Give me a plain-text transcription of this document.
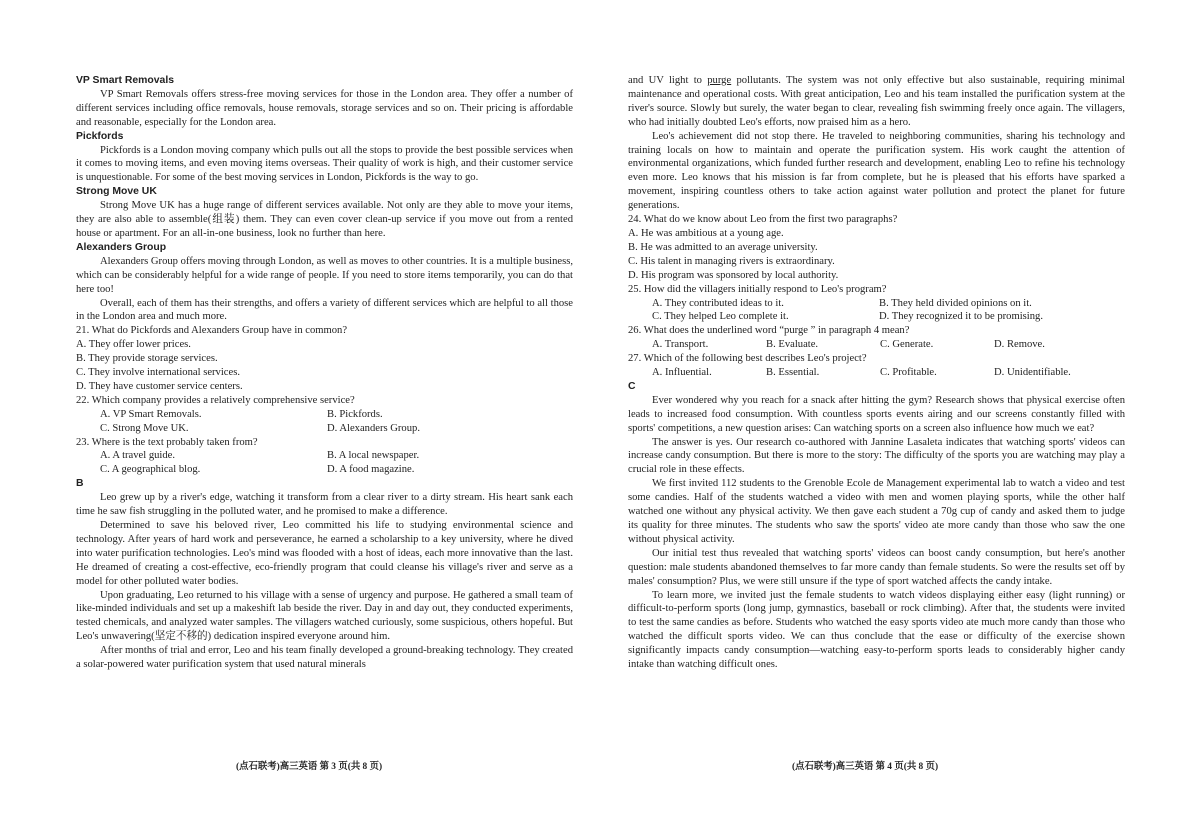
VP Smart Removals

VP Smart Removals offers stress-free moving services for those in the London area. They offer a number of different services including office removals, house removals, storage services and so on. Their pricing is affordable and reasonable, especially for the London area.

Pickfords

Pickfords is a London moving company which pulls out all the stops to provide the best possible services when it comes to moving items, and even moving items overseas. Their quality of work is high, and their customer service is unquestionable. For some of the best moving services in London, Pickfords is the way to go.

Strong Move UK

Strong Move UK has a huge range of different services available. Not only are they able to move your items, they are also able to assemble(组装) them. They can even cover clean-up service if you move out from a rented house or apartment. For an all-in-one business, look no further than here.

Alexanders Group

Alexanders Group offers moving through London, as well as moves to other countries. It is a multiple business, which can be considerably helpful for a wide range of people. If you need to store items temporarily, you can do that here too!

Overall, each of them has their strengths, and offers a variety of different services which are helpful to all those in the London area and much more.

21. What do Pickfords and Alexanders Group have in common?

A. They offer lower prices.

B. They provide storage services.

C. They involve international services.

D. They have customer service centers.

22. Which company provides a relatively comprehensive service?

A. VP Smart Removals.	B. Pickfords.
C. Strong Move UK.	D. Alexanders Group.

23. Where is the text probably taken from?

A. A travel guide.	B. A local newspaper.
C. A geographical blog.	D. A food magazine.

B

Leo grew up by a river's edge, watching it transform from a clear river to a dirty stream. His heart sank each time he saw fish struggling in the polluted water, and he promised to make a difference.

Determined to save his beloved river, Leo committed his life to studying environmental science and technology. After years of hard work and perseverance, he earned a scholarship to a key university, where he dived into water purification technologies. Leo's mind was flooded with a host of ideas, each more innovative than the last. He dreamed of creating a cost-effective, eco-friendly program that could cleanse his village's river and serve as a model for other polluted water bodies.

Upon graduating, Leo returned to his village with a sense of urgency and purpose. He gathered a small team of like-minded individuals and set up a makeshift lab beside the river. Day in and day out, they conducted experiments, tested chemicals, and analyzed water samples. The villagers watched curiously, some suspicious, others hopeful. But Leo's unwavering(坚定不移的) dedication inspired everyone around him.

After months of trial and error, Leo and his team finally developed a ground-breaking technology. They created a solar-powered water purification system that used natural minerals

and UV light to purge pollutants. The system was not only effective but also sustainable, requiring minimal maintenance and operational costs. With great anticipation, Leo and his team installed the purification system at the river's source. Slowly but surely, the water began to clear, revealing fish swimming freely once again. The villagers, who had initially doubted Leo's efforts, now praised him as a hero.

Leo's achievement did not stop there. He traveled to neighboring communities, sharing his technology and training locals on how to maintain and operate the purification system. His work caught the attention of environmental organizations, which funded further research and development, enabling Leo to refine his technology even more. Leo knows that his mission is far from complete, but he is pleased that his efforts have sparked a movement, inspiring countless others to take action against water pollution and protect the planet for future generations.

24. What do we know about Leo from the first two paragraphs?

A. He was ambitious at a young age.

B. He was admitted to an average university.

C. His talent in managing rivers is extraordinary.

D. His program was sponsored by local authority.

25. How did the villagers initially respond to Leo's program?

A. They contributed ideas to it.	B. They held divided opinions on it.
C. They helped Leo complete it.	D. They recognized it to be promising.

26. What does the underlined word “purge ” in paragraph 4 mean?

A. Transport.	B. Evaluate.	C. Generate.	D. Remove.

27. Which of the following best describes Leo's project?

A. Influential.	B. Essential.	C. Profitable.	D. Unidentifiable.

C

Ever wondered why you reach for a snack after hitting the gym? Research shows that physical exercise often leads to increased food consumption. With countless sports events airing and our screens constantly filled with sports' competitions, a new question arises: Can watching sports on a screen also influence how much we eat?

The answer is yes. Our research co-authored with Jannine Lasaleta indicates that watching sports' videos can increase candy consumption. But there is more to the story: The difficulty of the sports you are watching may play a crucial role in these effects.

We first invited 112 students to the Grenoble Ecole de Management experimental lab to watch a video and test some candies. Half of the students watched a video with men and women playing sports, while the other half watched one without any physical activity. We then gave each student a 70g cup of candy and asked them to judge its quality for three minutes. The students who saw the sports' video ate more candy than those who saw the one without physical activity.

Our initial test thus revealed that watching sports' videos can boost candy consumption, but here's another question: male students abandoned themselves to far more candy than female students. So were the results set off by males' consumption? Plus, we were still unsure if the type of sport watched affects the candy intake.

To learn more, we invited just the female students to watch videos displaying either easy (light running) or difficult-to-perform sports (long jump, gymnastics, baseball or rock climbing). After that, the students were invited to test the same candies as before. Students who watched the easy sports video ate much more candy than those who watched the difficult sports video. We can thus conclude that the ease or difficulty of the exercise shown significantly impacts candy consumption—watching easy-to-perform sports leads to considerably higher candy intake than watching difficult ones.

(点石联考)高三英语 第 3 页(共 8 页)	(点石联考)高三英语 第 4 页(共 8 页)
